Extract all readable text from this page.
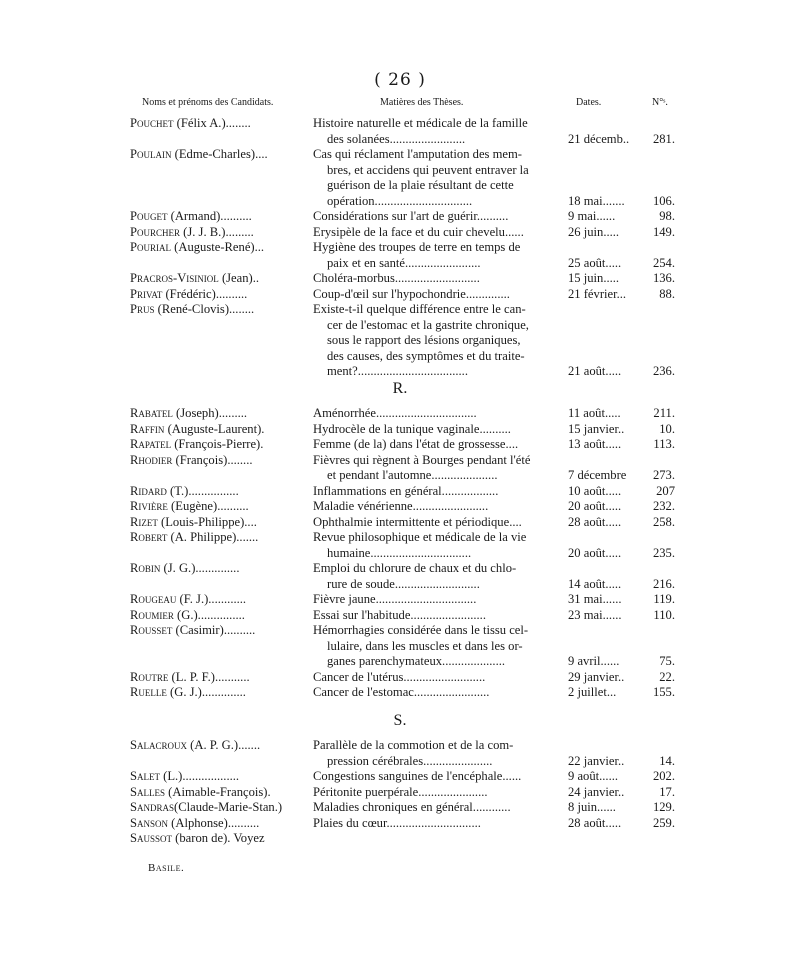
( 26 )
Noms et prénoms des Candidats.	Matières des Thèses.	Dates.	N°ˢ.
Pouchet (Félix A.)........	Histoire naturelle et médicale de la famille
des solanées........................	21 décemb..	281.
Poulain (Edme-Charles)....	Cas qui réclament l'amputation des mem-
bres, et accidens qui peuvent entraver la
guérison de la plaie résultant de cette
opération...............................	18 mai.......	106.
Pouget (Armand)..........	Considérations sur l'art de guérir..........	9 mai......	98.
Pourcher (J. J. B.).........	Erysipèle de la face et du cuir chevelu......	26 juin.....	149.
Pourial (Auguste-René)...	Hygiène des troupes de terre en temps de
paix et en santé........................	25 août.....	254.
Pracros-Visiniol (Jean)..	Choléra-morbus...........................	15 juin.....	136.
Privat (Frédéric)..........	Coup-d'œil sur l'hypochondrie..............	21 février...	88.
Prus (René-Clovis)........	Existe-t-il quelque différence entre le can-
cer de l'estomac et la gastrite chronique,
sous le rapport des lésions organiques,
des causes, des symptômes et du traite-
ment?...................................	21 août.....	236.
Rabatel (Joseph).........	Aménorrhée................................	11 août.....	211.
Raffin (Auguste-Laurent).	Hydrocèle de la tunique vaginale..........	15 janvier..	10.
Rapatel (François-Pierre).	Femme (de la) dans l'état de grossesse....	13 août.....	113.
Rhodier (François)........	Fièvres qui règnent à Bourges pendant l'été
et pendant l'automne.....................	7 décembre	273.
Ridard (T.)................	Inflammations en général..................	10 août.....	207
Rivière (Eugène)..........	Maladie vénérienne........................	20 août.....	232.
Rizet (Louis-Philippe)....	Ophthalmie intermittente et périodique....	28 août.....	258.
Robert (A. Philippe).......	Revue philosophique et médicale de la vie
humaine................................	20 août.....	235.
Robin (J. G.)..............	Emploi du chlorure de chaux et du chlo-
rure de soude...........................	14 août.....	216.
Rougeau (F. J.)............	Fièvre jaune................................	31 mai......	119.
Roumier (G.)...............	Essai sur l'habitude........................	23 mai......	110.
Rousset (Casimir)..........	Hémorrhagies considérée dans le tissu cel-
lulaire, dans les muscles et dans les or-
ganes parenchymateux....................	9 avril......	75.
Routre (L. P. F.)...........	Cancer de l'utérus..........................	29 janvier..	22.
Ruelle (G. J.)..............	Cancer de l'estomac........................	2 juillet...	155.
Salacroux (A. P. G.).......	Parallèle de la commotion et de la com-
pression cérébrales......................	22 janvier..	14.
Salet (L.)..................	Congestions sanguines de l'encéphale......	9 août......	202.
Salles (Aimable-François).	Péritonite puerpérale......................	24 janvier..	17.
Sandras(Claude-Marie-Stan.)	Maladies chroniques en général............	8 juin......	129.
Sanson (Alphonse)..........	Plaies du cœur..............................	28 août.....	259.
Saussot (baron de). Voyez
Basile.
R.
S.
